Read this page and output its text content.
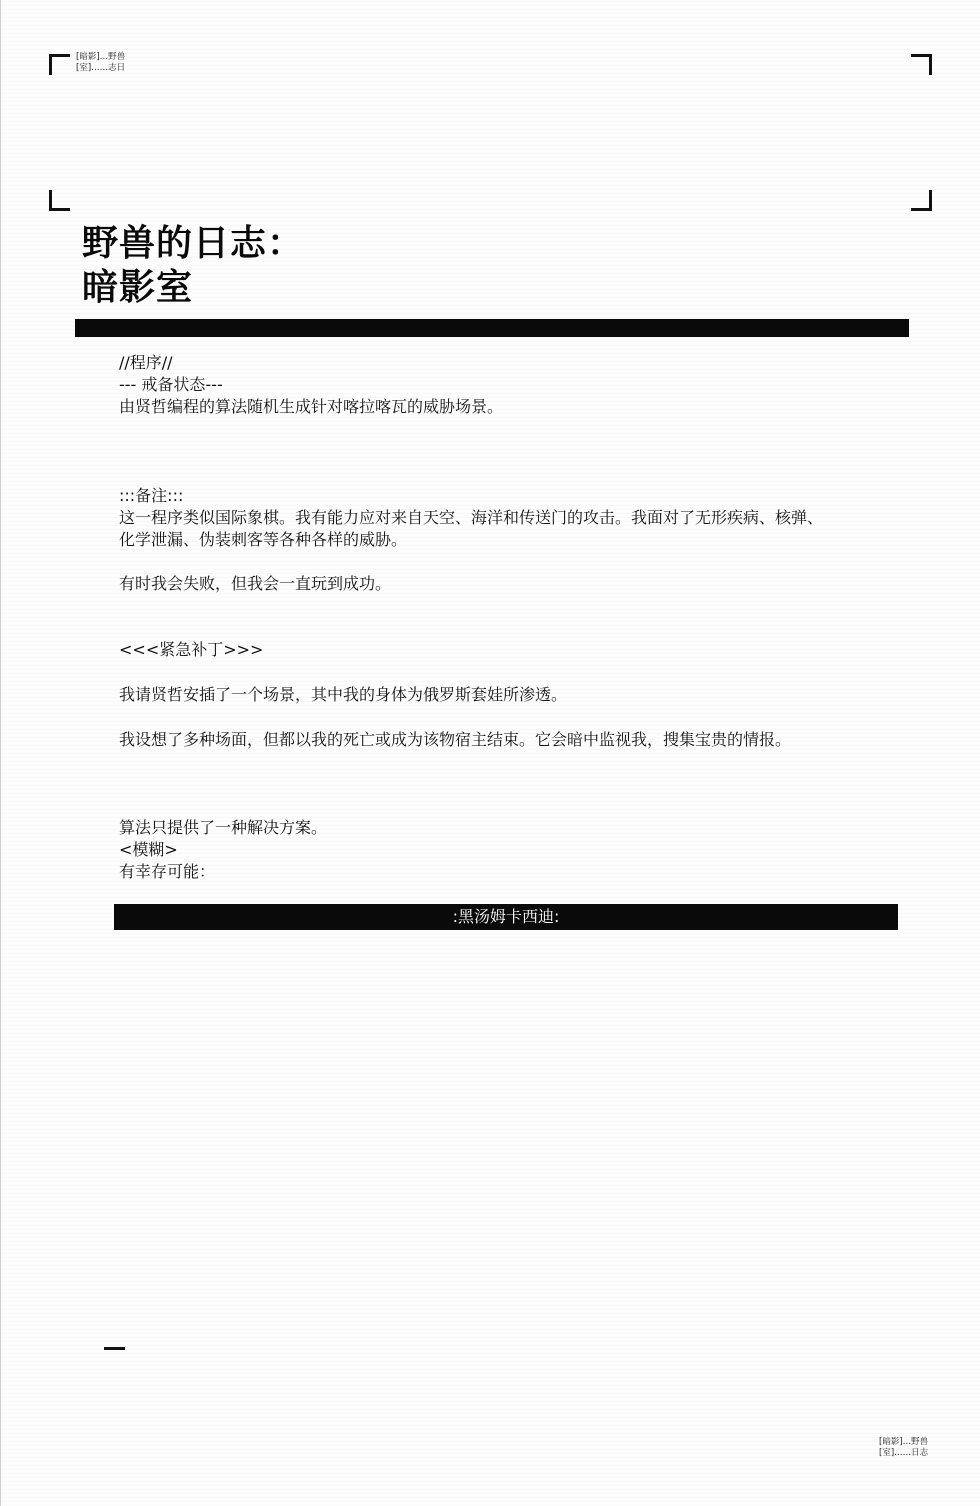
[暗影]…野兽
[室]……志日
野兽的日志：
暗影室
//程序//
--- 戒备状态---
由贤哲编程的算法随机生成针对喀拉喀瓦的威胁场景。
:::备注:::
这一程序类似国际象棋。我有能力应对来自天空、海洋和传送门的攻击。我面对了无形疾病、核弹、
化学泄漏、伪装刺客等各种各样的威胁。
有时我会失败，但我会一直玩到成功。
<<<紧急补丁>>>
我请贤哲安插了一个场景，其中我的身体为俄罗斯套娃所渗透。
我设想了多种场面，但都以我的死亡或成为该物宿主结束。它会暗中监视我，搜集宝贵的情报。
算法只提供了一种解决方案。
<模糊>
有幸存可能：
:黑汤姆卡西迪:
[暗影]…野兽
[室]……日志
